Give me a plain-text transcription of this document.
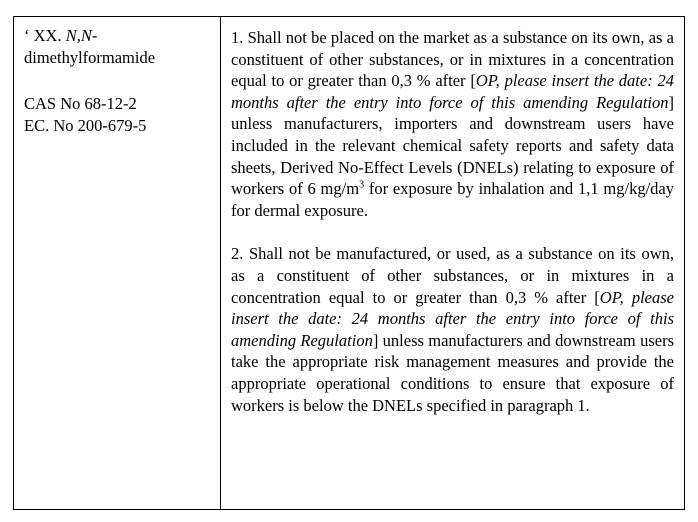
‘ XX. N,N-
dimethylformamide
CAS No 68-12-2
EC. No 200-679-5

1. Shall not be placed on the market as a substance on its own, as a constituent of other substances, or in mixtures in a concentration equal to or greater than 0,3 % after [OP, please insert the date: 24 months after the entry into force of this amending Regulation] unless manufacturers, importers and downstream users have included in the relevant chemical safety reports and safety data sheets, Derived No-Effect Levels (DNELs) relating to exposure of workers of 6 $mg/m^3$ for exposure by inhalation and 1,1 mg/kg/day for dermal exposure.

2. Shall not be manufactured, or used, as a substance on its own, as a constituent of other substances, or in mixtures in a concentration equal to or greater than 0,3 % after [OP, please insert the date: 24 months after the entry into force of this amending Regulation] unless manufacturers and downstream users take the appropriate risk management measures and provide the appropriate operational conditions to ensure that exposure of workers is below the DNELs specified in paragraph 1.
